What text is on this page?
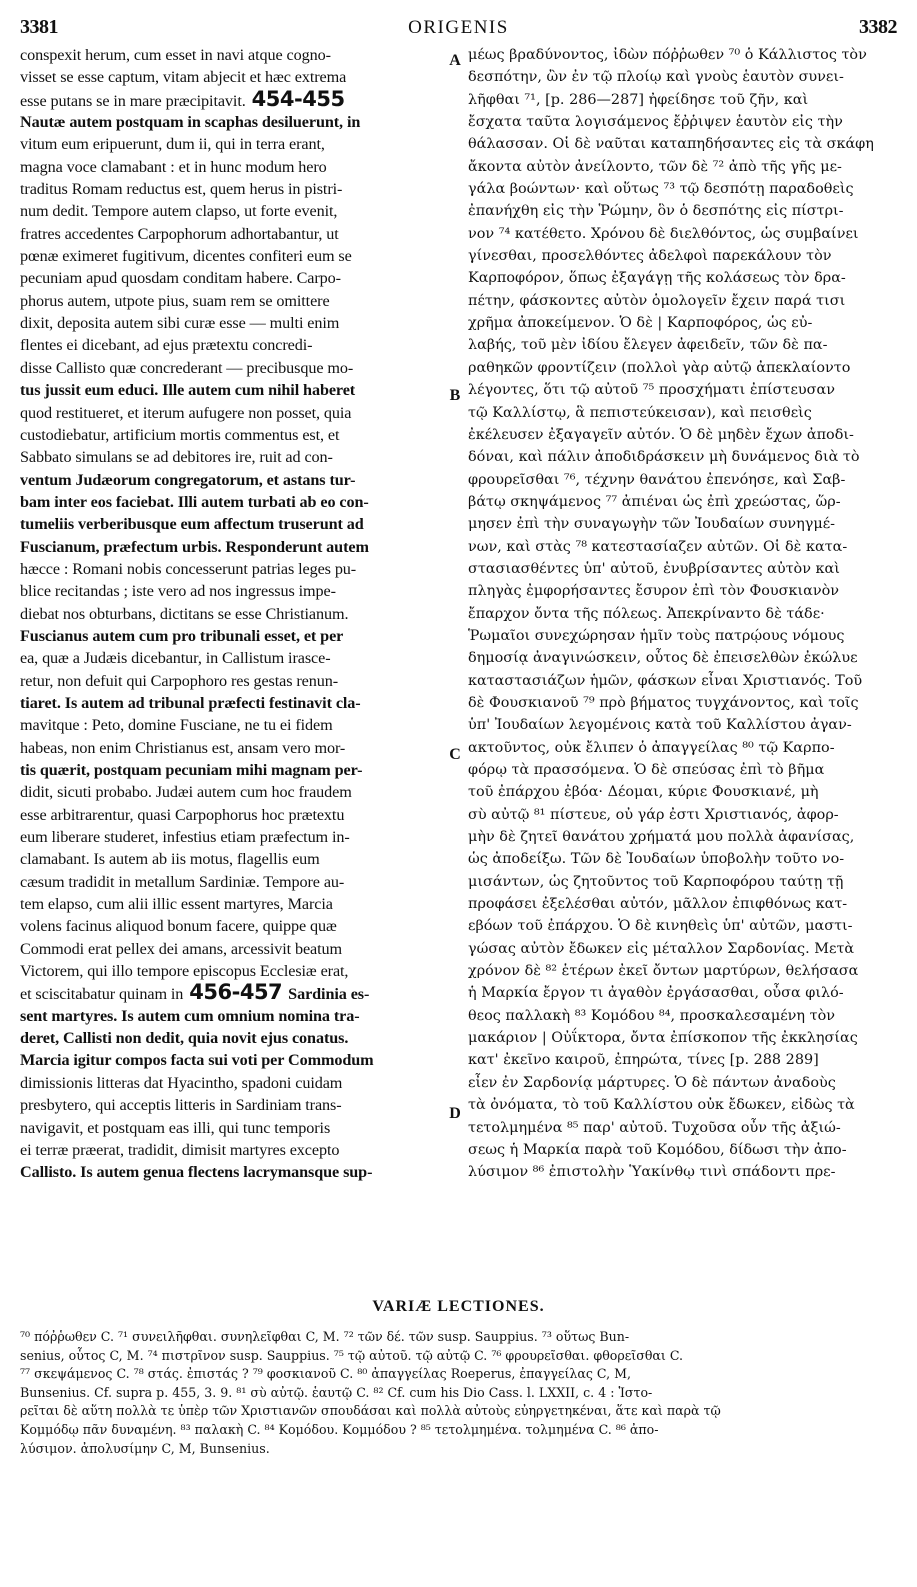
3381	ORIGENIS	3382
conspexit herum, cum esset in navi atque cogno-
visset se esse captum, vitam abjecit et hæc extrema
esse putans se in mare præcipitavit. 454-455
Nautæ autem postquam in scaphas desiluerunt, in
vitum eum eripuerunt, dum ii, qui in terra erant,
magna voce clamabant : et in hunc modum hero
traditus Romam reductus est, quem herus in pistri-
num dedit. Tempore autem clapso, ut forte evenit,
fratres accedentes Carpophorum adhortabantur, ut
pœnæ eximeret fugitivum, dicentes confiteri eum se
pecuniam apud quosdam conditam habere. Carpo-
phorus autem, utpote pius, suam rem se omittere
dixit, deposita autem sibi curæ esse — multi enim
flentes ei dicebant, ad ejus prætextu concredi-
disse Callisto quæ concrederant — precibusque mo-
tus jussit eum educi. Ille autem cum nihil haberet
quod restitueret, et iterum aufugere non posset, quia
custodiebatur, artificium mortis commentus est, et
Sabbato simulans se ad debitores ire, ruit ad con-
ventum Judæorum congregatorum, et astans tur-
bam inter eos faciebat. Illi autem turbati ab eo con-
tumeliis verberibusque eum affectum truserunt ad
Fuscianum, præfectum urbis. Responderunt autem
hæcce : Romani nobis concesserunt patrias leges pu-
blice recitandas ; iste vero ad nos ingressus impe-
diebat nos obturbans, dictitans se esse Christianum.
Fuscianus autem cum pro tribunali esset, et per
ea, quæ a Judæis dicebantur, in Callistum irasce-
retur, non defuit qui Carpophoro res gestas renun-
tiaret. Is autem ad tribunal præfecti festinavit cla-
mavitque : Peto, domine Fusciane, ne tu ei fidem
habeas, non enim Christianus est, ansam vero mor-
tis quærit, postquam pecuniam mihi magnam per-
didit, sicuti probabo. Judæi autem cum hoc fraudem
esse arbitrarentur, quasi Carpophorus hoc prætextu
eum liberare studeret, infestius etiam præfectum in-
clamabant. Is autem ab iis motus, flagellis eum
cæsum tradidit in metallum Sardiniæ. Tempore au-
tem elapso, cum alii illic essent martyres, Marcia
volens facinus aliquod bonum facere, quippe quæ
Commodi erat pellex dei amans, arcessivit beatum
Victorem, qui illo tempore episcopus Ecclesiæ erat,
et sciscitabatur quinam in 456-457 Sardinia es-
sent martyres. Is autem cum omnium nomina tra-
deret, Callisti non dedit, quia novit ejus conatus.
Marcia igitur compos facta sui voti per Commodum
dimissionis litteras dat Hyacintho, spadoni cuidam
presbytero, qui acceptis litteris in Sardiniam trans-
navigavit, et postquam eas illi, qui tunc temporis
ei terræ præerat, tradidit, dimisit martyres excepto
Callisto. Is autem genua flectens lacrymansque sup-
μέως βραδύνοντος, ἰδὼν πόῤῥωθεν ⁷⁰ ὁ Κάλλιστος τὸν
δεσπότην, ὢν ἐν τῷ πλοίῳ καὶ γνοὺς ἑαυτὸν συνει-
λῆφθαι ⁷¹, [p. 286—287] ἠφείδησε τοῦ ζῆν, καὶ
ἔσχατα ταῦτα λογισάμενος ἔῤῥιψεν ἑαυτὸν εἰς τὴν
θάλασσαν. Οἱ δὲ ναῦται καταπηδήσαντες εἰς τὰ σκάφη
ἄκοντα αὐτὸν ἀνείλοντο, τῶν δὲ ⁷² ἀπὸ τῆς γῆς με-
γάλα βοώντων· καὶ οὕτως ⁷³ τῷ δεσπότῃ παραδοθεὶς
ἐπανήχθη εἰς τὴν Ῥώμην, ὃν ὁ δεσπότης εἰς πίστρι-
νον ⁷⁴ κατέθετο. Χρόνου δὲ διελθόντος, ὡς συμβαίνει
γίνεσθαι, προσελθόντες ἀδελφοὶ παρεκάλουν τὸν
Καρποφόρον, ὅπως ἐξαγάγῃ τῆς κολάσεως τὸν δρα-
πέτην, φάσκοντες αὐτὸν ὁμολογεῖν ἔχειν παρά τισι
χρῆμα ἀποκείμενον. Ὁ δὲ | Καρποφόρος, ὡς εὐ-
λαβής, τοῦ μὲν ἰδίου ἔλεγεν ἀφειδεῖν, τῶν δὲ πα-
ραθηκῶν φροντίζειν (πολλοὶ γὰρ αὐτῷ ἀπεκλαίοντο
λέγοντες, ὅτι τῷ αὐτοῦ ⁷⁵ προσχήματι ἐπίστευσαν
τῷ Καλλίστῳ, ἃ πεπιστεύκεισαν), καὶ πεισθεὶς
ἐκέλευσεν ἐξαγαγεῖν αὐτόν. Ὁ δὲ μηδὲν ἔχων ἀποδι-
δόναι, καὶ πάλιν ἀποδιδράσκειν μὴ δυνάμενος διὰ τὸ
φρουρεῖσθαι ⁷⁶, τέχνην θανάτου ἐπενόησε, καὶ Σαβ-
βάτῳ σκηψάμενος ⁷⁷ ἀπιέναι ὡς ἐπὶ χρεώστας, ὥρ-
μησεν ἐπὶ τὴν συναγωγὴν τῶν Ἰουδαίων συνηγμέ-
νων, καὶ στὰς ⁷⁸ κατεστασίαζεν αὐτῶν. Οἱ δὲ κατα-
στασιασθέντες ὑπ' αὐτοῦ, ἐνυβρίσαντες αὐτὸν καὶ
πληγὰς ἐμφορήσαντες ἔσυρον ἐπὶ τὸν Φουσκιανὸν
ἔπαρχον ὄντα τῆς πόλεως. Ἀπεκρίναντο δὲ τάδε·
Ῥωμαῖοι συνεχώρησαν ἡμῖν τοὺς πατρῴους νόμους
δημοσίᾳ ἀναγινώσκειν, οὗτος δὲ ἐπεισελθὼν ἐκώλυε
καταστασιάζων ἡμῶν, φάσκων εἶναι Χριστιανός. Τοῦ
δὲ Φουσκιανοῦ ⁷⁹ πρὸ βήματος τυγχάνοντος, καὶ τοῖς
ὑπ' Ἰουδαίων λεγομένοις κατὰ τοῦ Καλλίστου ἀγαν-
ακτοῦντος, οὐκ ἔλιπεν ὁ ἀπαγγείλας ⁸⁰ τῷ Καρπο-
φόρῳ τὰ πρασσόμενα. Ὁ δὲ σπεύσας ἐπὶ τὸ βῆμα
τοῦ ἐπάρχου ἐβόα· Δέομαι, κύριε Φουσκιανέ, μὴ
σὺ αὐτῷ ⁸¹ πίστευε, οὐ γάρ ἐστι Χριστιανός, ἀφορ-
μὴν δὲ ζητεῖ θανάτου χρήματά μου πολλὰ ἀφανίσας,
ὡς ἀποδείξω. Τῶν δὲ Ἰουδαίων ὑποβολὴν τοῦτο νο-
μισάντων, ὡς ζητοῦντος τοῦ Καρποφόρου ταύτῃ τῇ
προφάσει ἐξελέσθαι αὐτόν, μᾶλλον ἐπιφθόνως κατ-
εβόων τοῦ ἐπάρχου. Ὁ δὲ κινηθεὶς ὑπ' αὐτῶν, μαστι-
γώσας αὐτὸν ἔδωκεν εἰς μέταλλον Σαρδονίας. Μετὰ
χρόνον δὲ ⁸² ἑτέρων ἐκεῖ ὄντων μαρτύρων, θελήσασα
ἡ Μαρκία ἔργον τι ἀγαθὸν ἐργάσασθαι, οὖσα φιλό-
θεος παλλακὴ ⁸³ Κομόδου ⁸⁴, προσκαλεσαμένη τὸν
μακάριον | Οὐΐκτορα, ὄντα ἐπίσκοπον τῆς ἐκκλησίας
κατ' ἐκεῖνο καιροῦ, ἐπηρώτα, τίνες [p. 288 289]
εἶεν ἐν Σαρδονίᾳ μάρτυρες. Ὁ δὲ πάντων ἀναδοὺς
τὰ ὀνόματα, τὸ τοῦ Καλλίστου οὐκ ἔδωκεν, εἰδὼς τὰ
τετολμημένα ⁸⁵ παρ' αὐτοῦ. Τυχοῦσα οὖν τῆς ἀξιώ-
σεως ἡ Μαρκία παρὰ τοῦ Κομόδου, δίδωσι τὴν ἀπο-
λύσιμον ⁸⁶ ἐπιστολὴν Ὑακίνθῳ τινὶ σπάδοντι πρε-
A
B
C
D
VARIÆ LECTIONES.
⁷⁰ πόῤῥωθεν C. ⁷¹ συνειλῆφθαι. συνηλεῖφθαι C, M. ⁷² τῶν δέ. τῶν susp. Sauppius. ⁷³ οὕτως Bun-
senius, οὗτος C, M. ⁷⁴ πιστρῖνον susp. Sauppius. ⁷⁵ τῷ αὐτοῦ. τῷ αὐτῷ C. ⁷⁶ φρουρεῖσθαι. φθορεῖσθαι C.
⁷⁷ σκεψάμενος C. ⁷⁸ στάς. ἐπιστάς ? ⁷⁹ φοσκιανοῦ C. ⁸⁰ ἀπαγγείλας Roeperus, ἐπαγγείλας C, M,
Bunsenius. Cf. supra p. 455, 3. 9. ⁸¹ σὺ αὐτῷ. ἑαυτῷ C. ⁸² Cf. cum his Dio Cass. l. LXXII, c. 4 : Ἱστο-
ρεῖται δὲ αὕτη πολλὰ τε ὑπὲρ τῶν Χριστιανῶν σπουδάσαι καὶ πολλὰ αὐτοὺς εὐηργετηκέναι, ἅτε καὶ παρὰ τῷ
Κομμόδῳ πᾶν δυναμένη. ⁸³ παλακὴ C. ⁸⁴ Κομόδου. Κομμόδου ? ⁸⁵ τετολμημένα. τολμημένα C. ⁸⁶ ἀπο-
λύσιμον. ἀπολυσίμην C, M, Bunsenius.
